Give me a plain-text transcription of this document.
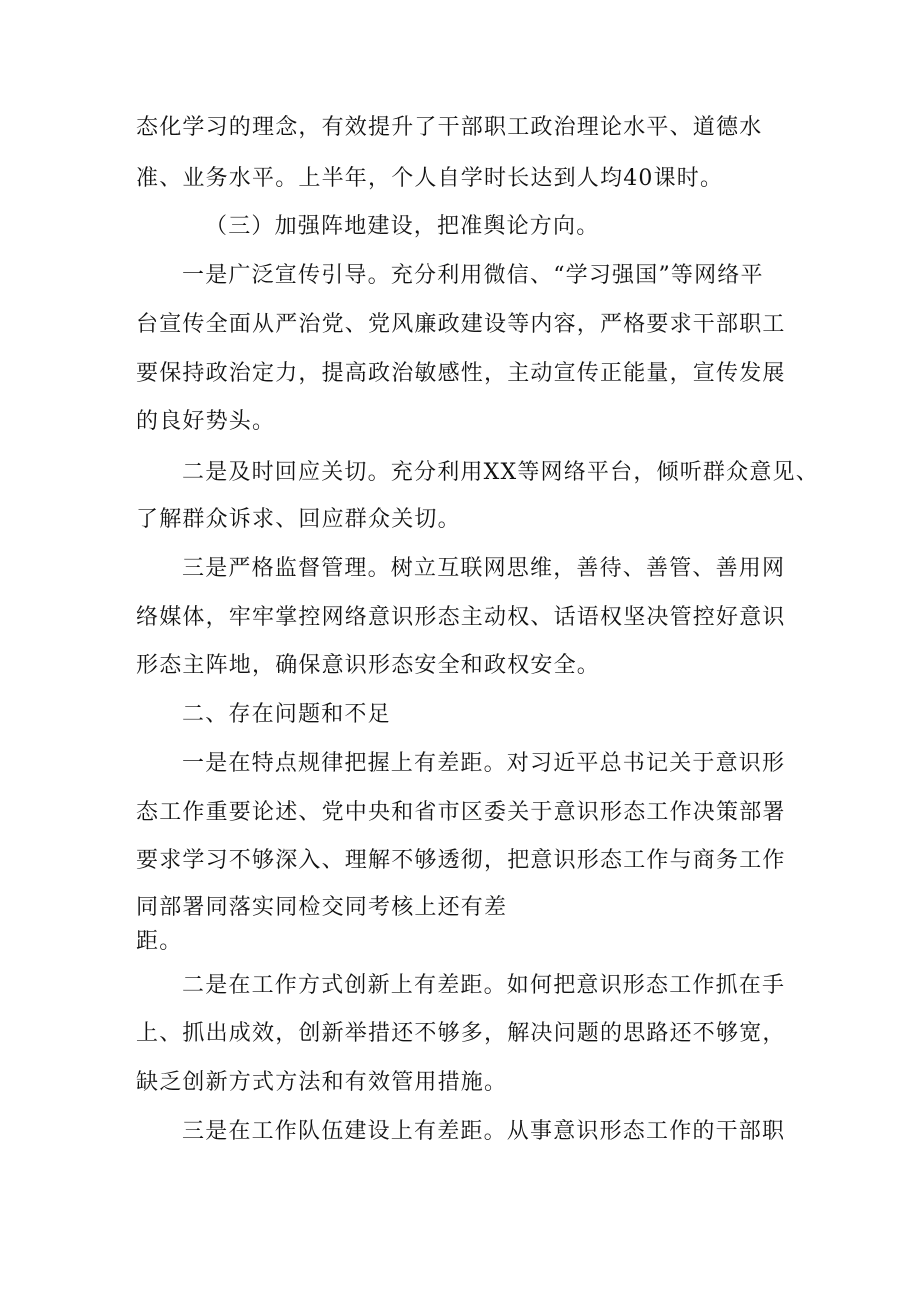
态化学习的理念，有效提升了干部职工政治理论水平、道德水
准、业务水平。上半年，个人自学时长达到人均40课时。
（三）加强阵地建设，把准舆论方向。
一是广泛宣传引导。充分利用微信、“学习强国”等网络平
台宣传全面从严治党、党风廉政建设等内容，严格要求干部职工
要保持政治定力，提高政治敏感性，主动宣传正能量，宣传发展
的良好势头。
二是及时回应关切。充分利用XX等网络平台，倾听群众意见、
了解群众诉求、回应群众关切。
三是严格监督管理。树立互联网思维，善待、善管、善用网
络媒体，牢牢掌控网络意识形态主动权、话语权坚决管控好意识
形态主阵地，确保意识形态安全和政权安全。
二、存在问题和不足
一是在特点规律把握上有差距。对习近平总书记关于意识形
态工作重要论述、党中央和省市区委关于意识形态工作决策部署
要求学习不够深入、理解不够透彻，把意识形态工作与商务工作
同部署同落实同检交同考核上还有差
距。
二是在工作方式创新上有差距。如何把意识形态工作抓在手
上、抓出成效，创新举措还不够多，解决问题的思路还不够宽，
缺乏创新方式方法和有效管用措施。
三是在工作队伍建设上有差距。从事意识形态工作的干部职
